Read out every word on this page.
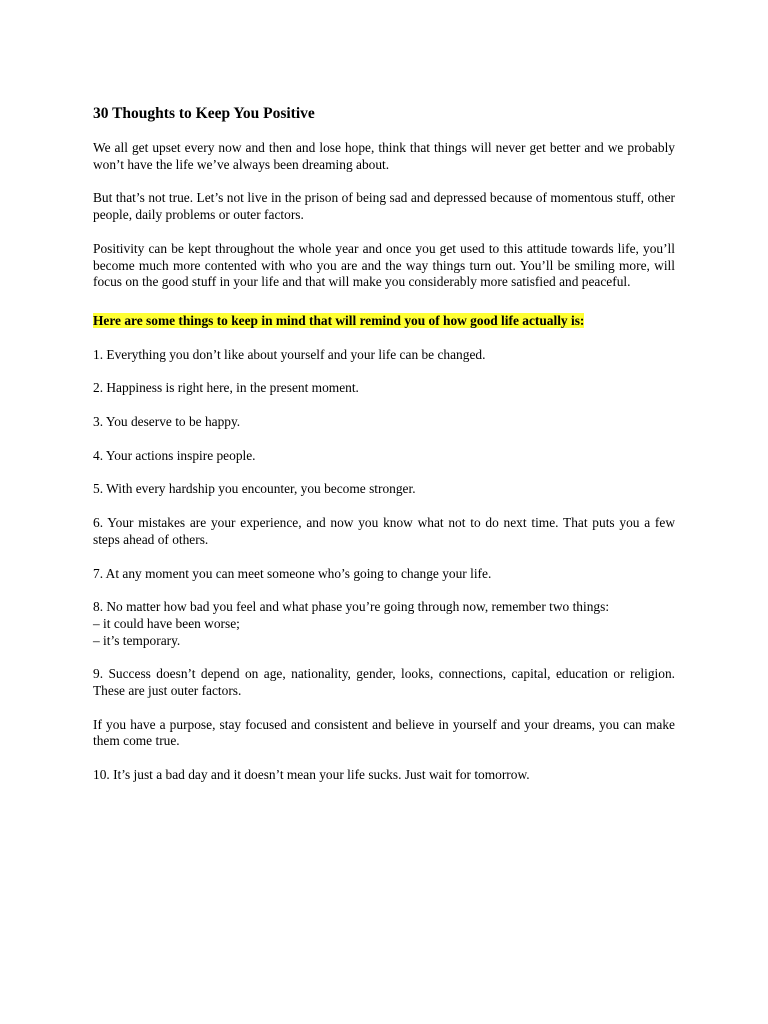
30 Thoughts to Keep You Positive

We all get upset every now and then and lose hope, think that things will never get better and we probably won’t have the life we’ve always been dreaming about.

But that’s not true. Let’s not live in the prison of being sad and depressed because of momentous stuff, other people, daily problems or outer factors.

Positivity can be kept throughout the whole year and once you get used to this attitude towards life, you’ll become much more contented with who you are and the way things turn out. You’ll be smiling more, will focus on the good stuff in your life and that will make you considerably more satisfied and peaceful.

Here are some things to keep in mind that will remind you of how good life actually is:

1. Everything you don’t like about yourself and your life can be changed.

2. Happiness is right here, in the present moment.

3. You deserve to be happy.

4. Your actions inspire people.

5. With every hardship you encounter, you become stronger.

6. Your mistakes are your experience, and now you know what not to do next time. That puts you a few steps ahead of others.

7. At any moment you can meet someone who’s going to change your life.

8. No matter how bad you feel and what phase you’re going through now, remember two things:
– it could have been worse;
– it’s temporary.

9. Success doesn’t depend on age, nationality, gender, looks, connections, capital, education or religion. These are just outer factors.

If you have a purpose, stay focused and consistent and believe in yourself and your dreams, you can make them come true.

10. It’s just a bad day and it doesn’t mean your life sucks. Just wait for tomorrow.
